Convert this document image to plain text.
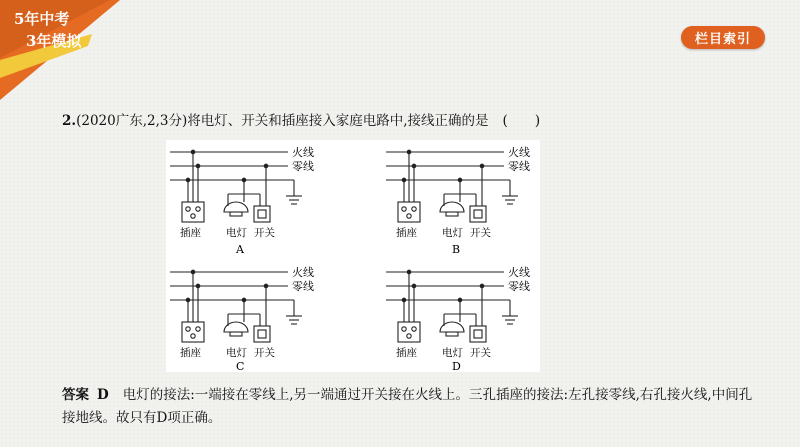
5年中考
3年模拟	栏目索引
2.(2020广东,2,3分)将电灯、开关和插座接入家庭电路中,接线正确的是 (　　)
火线
零线
插座 电灯 开关
A
火线
零线
插座 电灯 开关
B
火线
零线
插座 电灯 开关
C
火线
零线
插座 电灯 开关
D
答案 D 电灯的接法:一端接在零线上,另一端通过开关接在火线上。三孔插座的接法:左孔接零线,右孔接火线,中间孔接地线。故只有D项正确。
